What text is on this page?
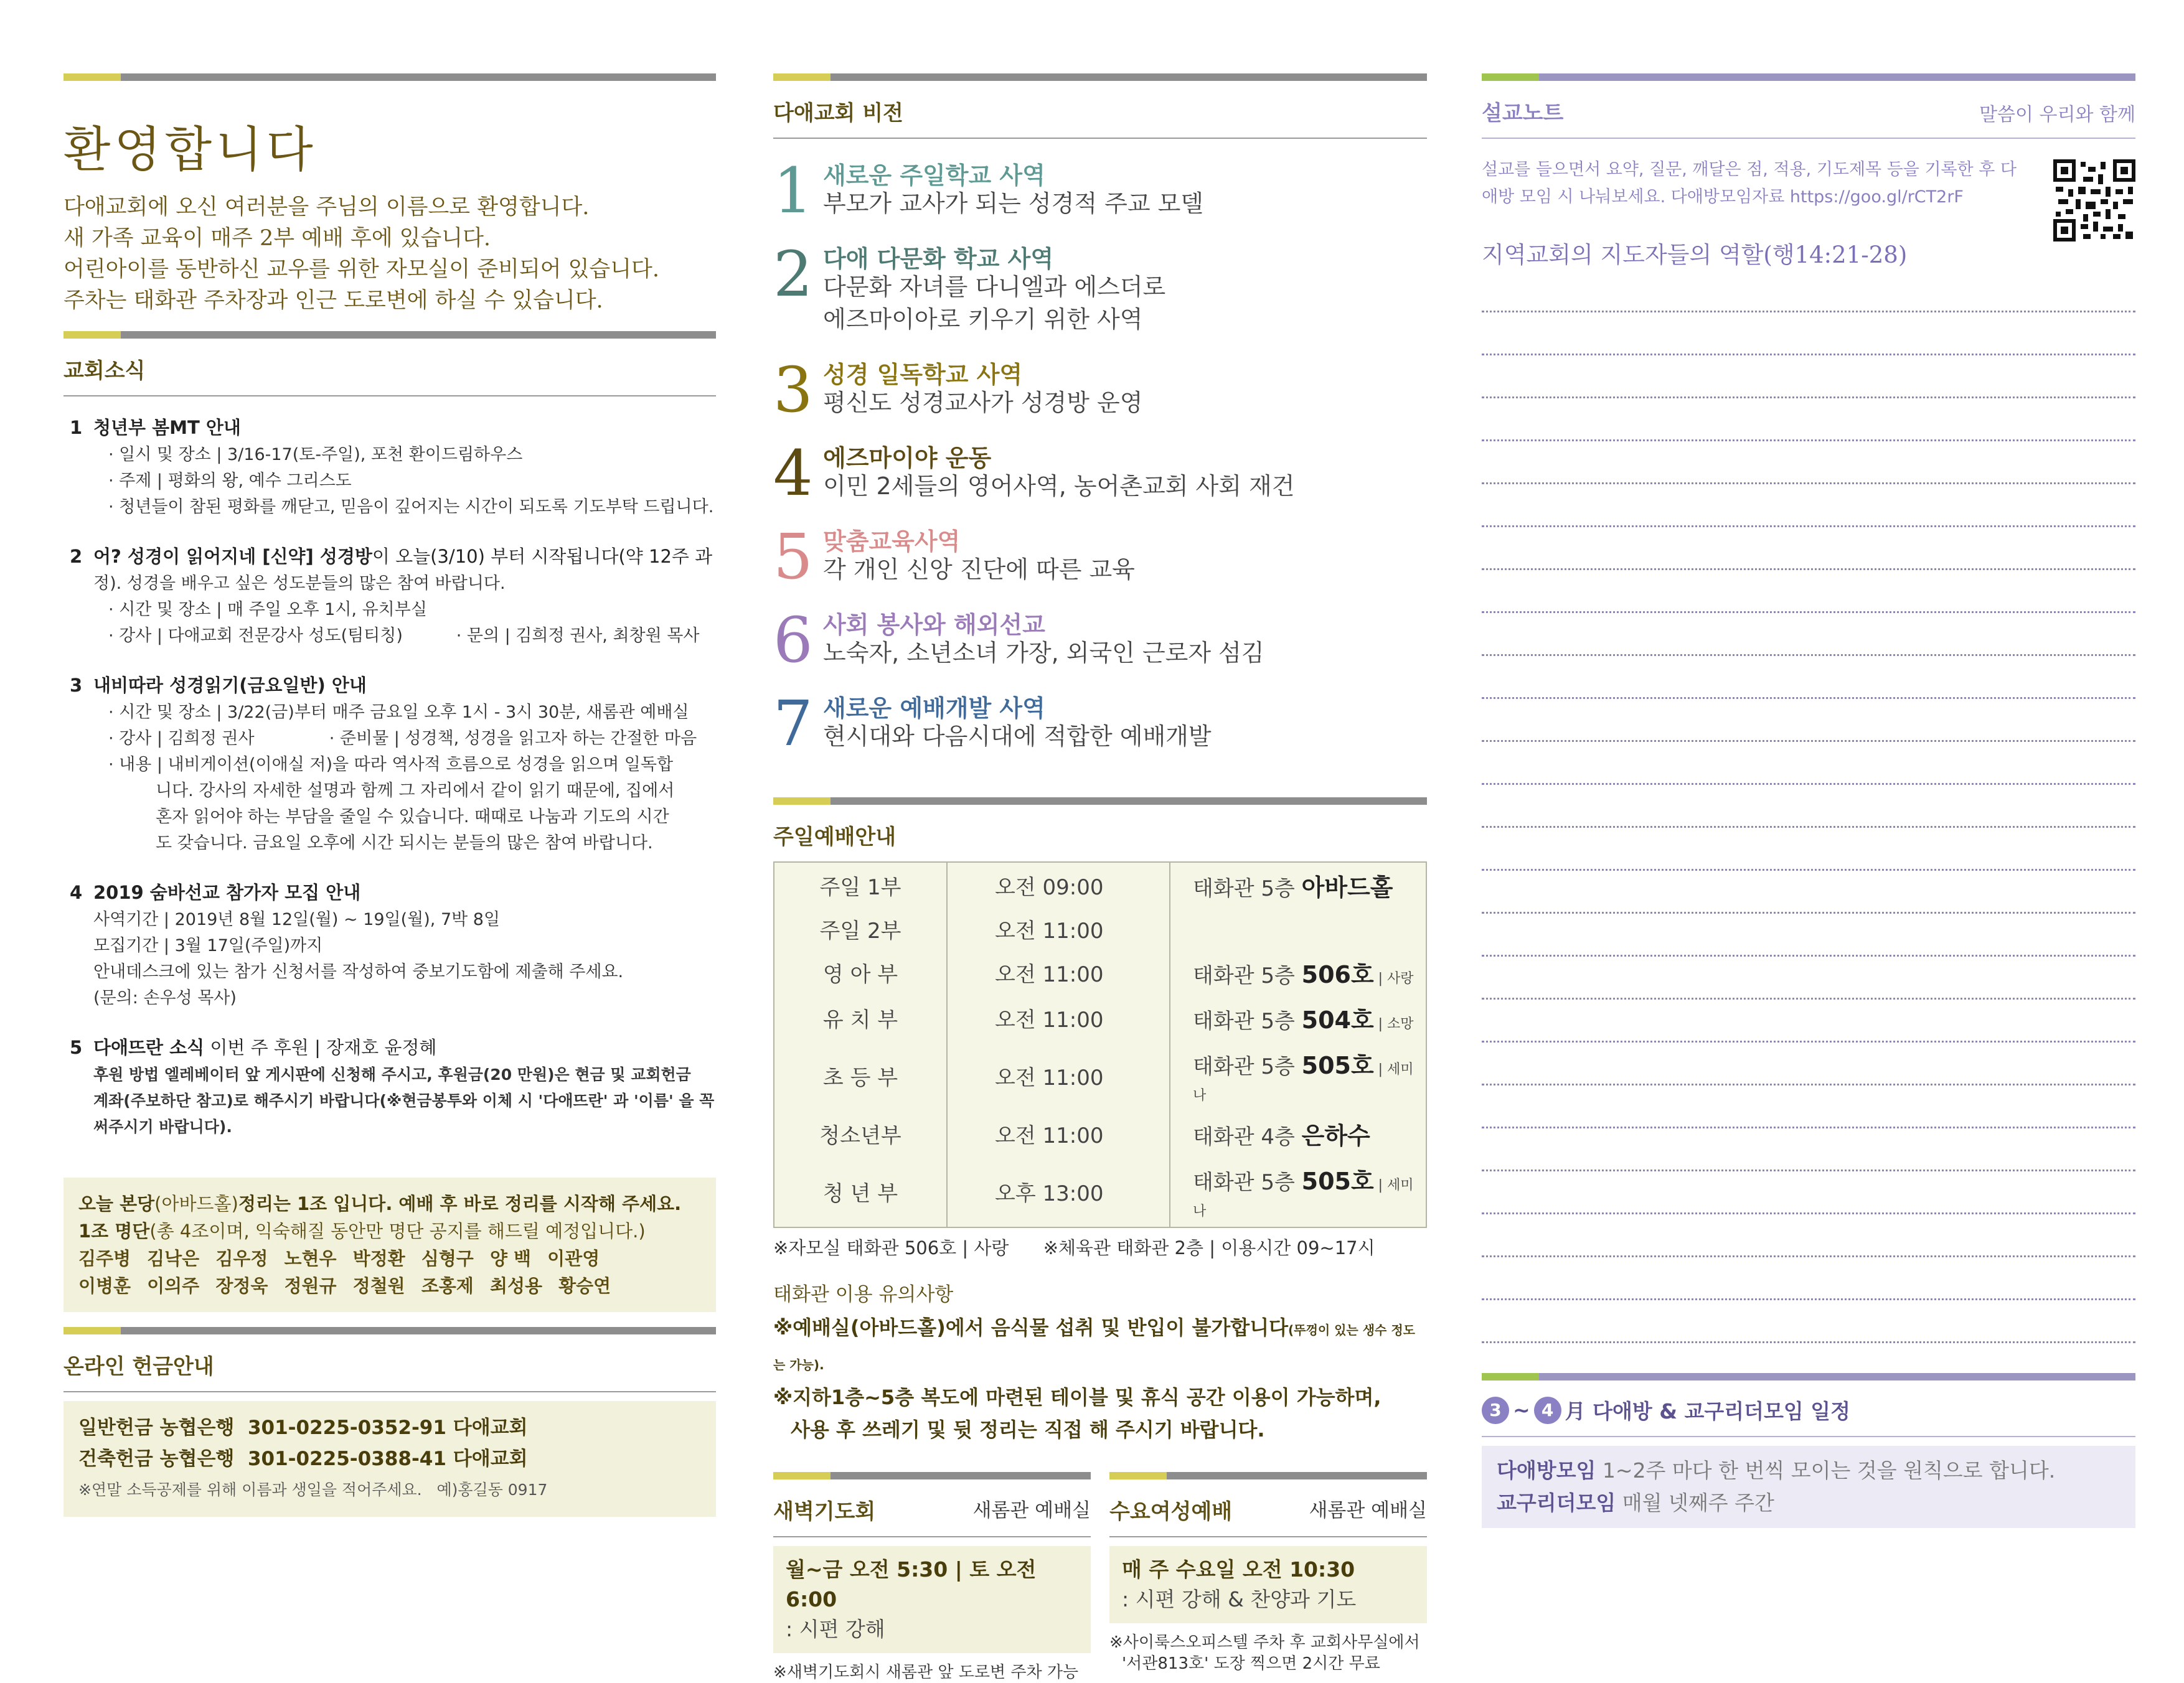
환영합니다
다애교회에 오신 여러분을 주님의 이름으로 환영합니다.
새 가족 교육이 매주 2부 예배 후에 있습니다.
어린아이를 동반하신 교우를 위한 자모실이 준비되어 있습니다.
주차는 태화관 주차장과 인근 도로변에 하실 수 있습니다.
교회소식
1 청년부 봄MT 안내
· 일시 및 장소 | 3/16-17(토-주일), 포천 환이드림하우스
· 주제 | 평화의 왕, 예수 그리스도
· 청년들이 참된 평화를 깨닫고, 믿음이 깊어지는 시간이 되도록 기도부탁 드립니다.
2 어? 성경이 읽어지네 [신약] 성경방이 오늘(3/10) 부터 시작됩니다(약 12주 과
정). 성경을 배우고 싶은 성도분들의 많은 참여 바랍니다.
· 시간 및 장소 | 매 주일 오후 1시, 유치부실
· 강사 | 다애교회 전문강사 성도(팀티칭)          · 문의 | 김희정 권사, 최창원 목사
3 내비따라 성경읽기(금요일반) 안내
· 시간 및 장소 | 3/22(금)부터 매주 금요일 오후 1시 - 3시 30분, 새롬관 예배실
· 강사 | 김희정 권사              · 준비물 | 성경책, 성경을 읽고자 하는 간절한 마음
· 내용 | 내비게이션(이애실 저)을 따라 역사적 흐름으로 성경을 읽으며 일독합
니다. 강사의 자세한 설명과 함께 그 자리에서 같이 읽기 때문에, 집에서
혼자 읽어야 하는 부담을 줄일 수 있습니다. 때때로 나눔과 기도의 시간
도 갖습니다. 금요일 오후에 시간 되시는 분들의 많은 참여 바랍니다.
4 2019 숨바선교 참가자 모집 안내
사역기간 | 2019년 8월 12일(월) ~ 19일(월), 7박 8일
모집기간 | 3월 17일(주일)까지
안내데스크에 있는 참가 신청서를 작성하여 중보기도함에 제출해 주세요.
(문의: 손우성 목사)
5 다애뜨란 소식 이번 주 후원 | 장재호 윤정혜
후원 방법 엘레베이터 앞 게시판에 신청해 주시고, 후원금(20 만원)은 현금 및 교회헌금
계좌(주보하단 참고)로 해주시기 바랍니다(※현금봉투와 이체 시 '다애뜨란' 과 '이름' 을 꼭
써주시기 바랍니다).
오늘 본당(아바드홀)정리는 1조 입니다. 예배 후 바로 정리를 시작해 주세요.
1조 명단(총 4조이며, 익숙해질 동안만 명단 공지를 해드릴 예정입니다.)
김주병 김낙은 김우정 노현우 박정환 심형구 양 백 이관영
이병훈 이의주 장정욱 정원규 정철원 조홍제 최성용 황승연
온라인 헌금안내
일반헌금 농협은행  301-0225-0352-91 다애교회
건축헌금 농협은행  301-0225-0388-41 다애교회
※연말 소득공제를 위해 이름과 생일을 적어주세요.   예)홍길동 0917
다애교회 비전
1 새로운 주일학교 사역
부모가 교사가 되는 성경적 주교 모델
2 다애 다문화 학교 사역
다문화 자녀를 다니엘과 에스더로
에즈마이아로 키우기 위한 사역
3 성경 일독학교 사역
평신도 성경교사가 성경방 운영
4 에즈마이야 운동
이민 2세들의 영어사역, 농어촌교회 사회 재건
5 맞춤교육사역
각 개인 신앙 진단에 따른 교육
6 사회 봉사와 해외선교
노숙자, 소년소녀 가장, 외국인 근로자 섬김
7 새로운 예배개발 사역
현시대와 다음시대에 적합한 예배개발
주일예배안내
주일 1부	오전 09:00	태화관 5층 아바드홀
주일 2부	오전 11:00	
영 아 부	오전 11:00	태화관 5층 506호 | 사랑
유 치 부	오전 11:00	태화관 5층 504호 | 소망
초 등 부	오전 11:00	태화관 5층 505호 | 세미나
청소년부	오전 11:00	태화관 4층 은하수
청 년 부	오후 13:00	태화관 5층 505호 | 세미나
※자모실 태화관 506호 | 사랑      ※체육관 태화관 2층 | 이용시간 09~17시
태화관 이용 유의사항
※예배실(아바드홀)에서 음식물 섭취 및 반입이 불가합니다(뚜껑이 있는 생수 정도는 가능).
※지하1층~5층 복도에 마련된 테이블 및 휴식 공간 이용이 가능하며,
사용 후 쓰레기 및 뒷 정리는 직접 해 주시기 바랍니다.
새벽기도회	새롬관 예배실
월~금 오전 5:30 | 토 오전 6:00
: 시편 강해
※새벽기도회시 새롬관 앞 도로변 주차 가능
수요여성예배	새롬관 예배실
매 주 수요일 오전 10:30
: 시편 강해 & 찬양과 기도
※사이룩스오피스텔 주차 후 교회사무실에서
'서관813호' 도장 찍으면 2시간 무료
설교노트	말씀이 우리와 함께
설교를 들으면서 요약, 질문, 깨달은 점, 적용, 기도제목 등을 기록한 후 다애방 모임 시 나눠보세요. 다애방모임자료 https://goo.gl/rCT2rF
지역교회의 지도자들의 역할(행14:21-28)
3 ~ 4 月 다애방 & 교구리더모임 일정
다애방모임 1~2주 마다 한 번씩 모이는 것을 원칙으로 합니다.
교구리더모임 매월 넷째주 주간
